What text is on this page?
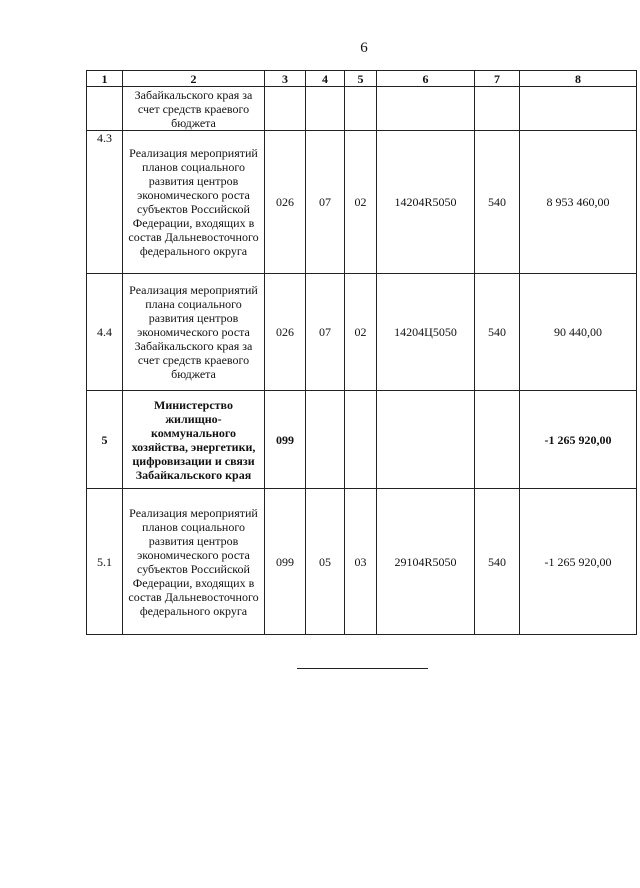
6
1	2	3	4	5	6	7	8
	Забайкальского края за счет средств краевого бюджета						
4.3	Реализация мероприятий планов социального развития центров экономического роста субъектов Российской Федерации, входящих в состав Дальневосточного федерального округа	026	07	02	14204R5050	540	8 953 460,00
4.4	Реализация мероприятий плана социального развития центров экономического роста Забайкальского края за счет средств краевого бюджета	026	07	02	14204Ц5050	540	90 440,00
5	Министерство жилищно-коммунального хозяйства, энергетики, цифровизации и связи Забайкальского края	099					-1 265 920,00
5.1	Реализация мероприятий планов социального развития центров экономического роста субъектов Российской Федерации, входящих в состав Дальневосточного федерального округа	099	05	03	29104R5050	540	-1 265 920,00
